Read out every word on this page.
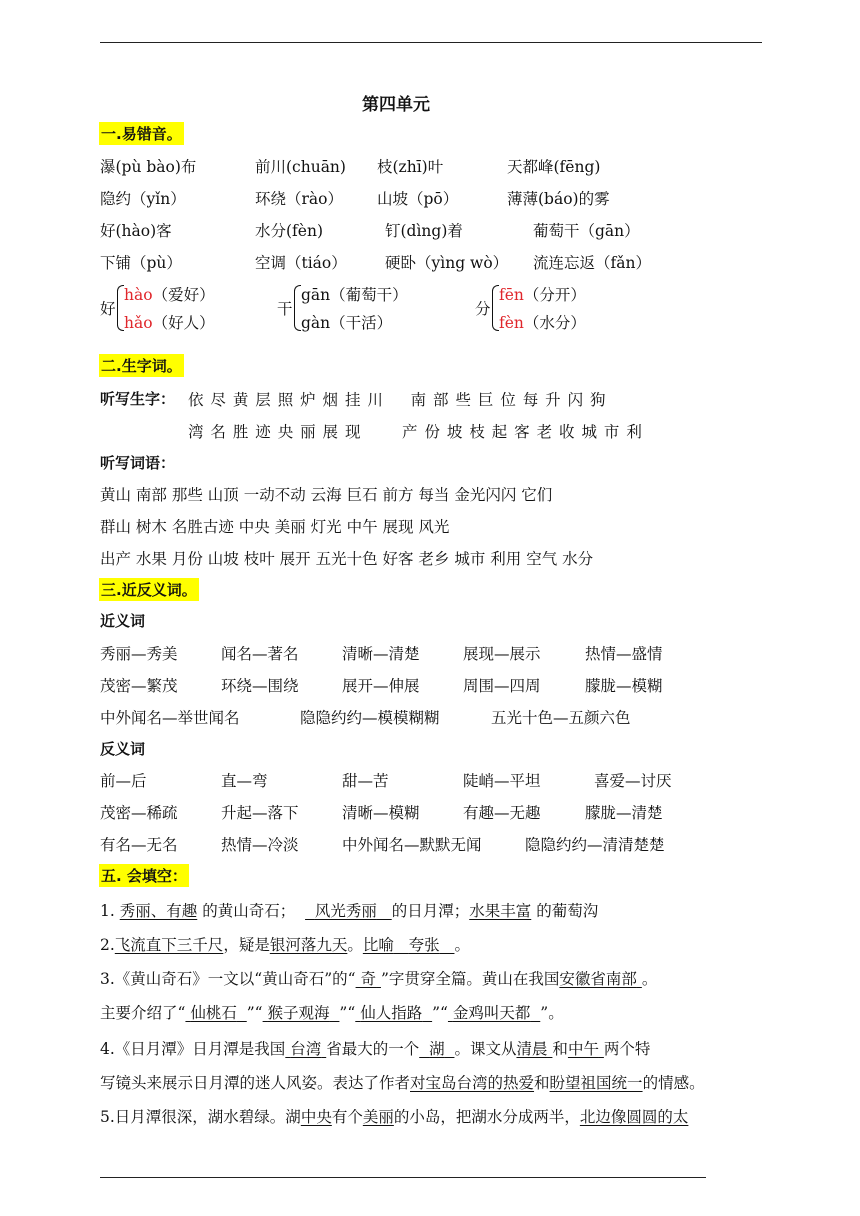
第四单元
一.易错音。
瀑(pù bào)布	前川(chuān) 枝(zhī)叶	天都峰(fēng)
隐约（yǐn）	环绕（rào） 山坡（pō）	薄薄(báo)的雾
好(hào)客	水分(fèn)	钉(dìng)着	葡萄干（gān）
下铺（pù）	空调（tiáo） 硬卧（yìng wò） 流连忘返（fǎn）
好
hào（爱好）
hǎo（好人）
干
gān（葡萄干）
gàn（干活）
分
fēn（分开）
fèn（水分）
二.生字词。
听写生字： 依 尽 黄 层 照 炉 烟 挂 川    南 部 些 巨 位 每 升 闪 狗
湾 名 胜 迹 央 丽 展 现      产 份 坡 枝 起 客 老 收 城 市 利
听写词语：
黄山 南部 那些 山顶 一动不动 云海 巨石 前方 每当 金光闪闪 它们
群山 树木 名胜古迹 中央 美丽 灯光 中午 展现 风光
出产 水果 月份 山坡 枝叶 展开 五光十色 好客 老乡 城市 利用 空气 水分
三.近反义词。
近义词
秀丽—秀美	闻名—著名	清晰—清楚	展现—展示	热情—盛情
茂密—繁茂	环绕—围绕	展开—伸展	周围—四周	朦胧—模糊
中外闻名—举世闻名	隐隐约约—模模糊糊	五光十色—五颜六色
反义词
前—后	直—弯	甜—苦	陡峭—平坦	喜爱—讨厌
茂密—稀疏	升起—落下	清晰—模糊	有趣—无趣	朦胧—清楚
有名—无名	热情—冷淡	中外闻名—默默无闻	隐隐约约—清清楚楚
五. 会填空：
1. 秀丽、有趣 的黄山奇石； 风光秀丽 的日月潭；水果丰富 的葡萄沟
2.飞流直下三千尺，疑是银河落九天。比喻 夸张 。
3.《黄山奇石》一文以“黄山奇石”的“ 奇 ”字贯穿全篇。黄山在我国安徽省南部 。
主要介绍了“ 仙桃石 ”“ 猴子观海 ”“ 仙人指路 ”“ 金鸡叫天都 ”。
4.《日月潭》日月潭是我国 台湾 省最大的一个 湖 。课文从清晨 和中午 两个特
写镜头来展示日月潭的迷人风姿。表达了作者对宝岛台湾的热爱和盼望祖国统一的情感。
5.日月潭很深，湖水碧绿。湖中央有个美丽的小岛，把湖水分成两半，北边像圆圆的太
